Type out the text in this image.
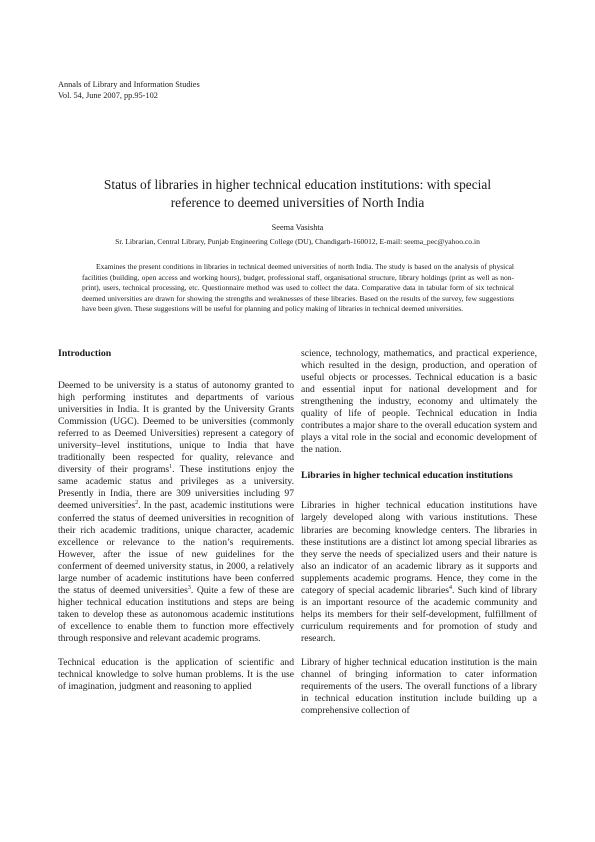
Annals of Library and Information Studies
Vol. 54, June 2007, pp.95-102
Status of libraries in higher technical education institutions: with special
reference to deemed universities of North India
Seema Vasishta
Sr. Librarian, Central Library, Punjab Engineering College (DU), Chandigarh-160012, E-mail: seema_pec@yahoo.co.in
Examines the present conditions in libraries in technical deemed universities of north India. The study is based on the analysis of physical facilities (building, open access and working hours), budget, professional staff, organisational structure, library holdings (print as well as non-print), users, technical processing, etc. Questionnaire method was used to collect the data. Comparative data in tabular form of six technical deemed universities are drawn for showing the strengths and weaknesses of these libraries. Based on the results of the survey, few suggestions have been given. These suggestions will be useful for planning and policy making of libraries in technical deemed universities.
Introduction

Deemed to be university is a status of autonomy granted to high performing institutes and departments of various universities in India. It is granted by the University Grants Commission (UGC). Deemed to be universities (commonly referred to as Deemed Universities) represent a category of university–level institutions, unique to India that have traditionally been respected for quality, relevance and diversity of their programs$^1$. These institutions enjoy the same academic status and privileges as a university. Presently in India, there are 309 universities including 97 deemed universities$^2$. In the past, academic institutions were conferred the status of deemed universities in recognition of their rich academic traditions, unique character, academic excellence or relevance to the nation’s requirements. However, after the issue of new guidelines for the conferment of deemed university status, in 2000, a relatively large number of academic institutions have been conferred the status of deemed universities$^3$. Quite a few of these are higher technical education institutions and steps are being taken to develop these as autonomous academic institutions of excellence to enable them to function more effectively through responsive and relevant academic programs.

Technical education is the application of scientific and technical knowledge to solve human problems. It is the use of imagination, judgment and reasoning to applied

science, technology, mathematics, and practical experience, which resulted in the design, production, and operation of useful objects or processes. Technical education is a basic and essential input for national development and for strengthening the industry, economy and ultimately the quality of life of people. Technical education in India contributes a major share to the overall education system and plays a vital role in the social and economic development of the nation.

Libraries in higher technical education institutions

Libraries in higher technical education institutions have largely developed along with various institutions. These libraries are becoming knowledge centers. The libraries in these institutions are a distinct lot among special libraries as they serve the needs of specialized users and their nature is also an indicator of an academic library as it supports and supplements academic programs. Hence, they come in the category of special academic libraries$^4$. Such kind of library is an important resource of the academic community and helps its members for their self-development, fulfillment of curriculum requirements and for promotion of study and research.

Library of higher technical education institution is the main channel of bringing information to cater information requirements of the users. The overall functions of a library in technical education institution include building up a comprehensive collection of
